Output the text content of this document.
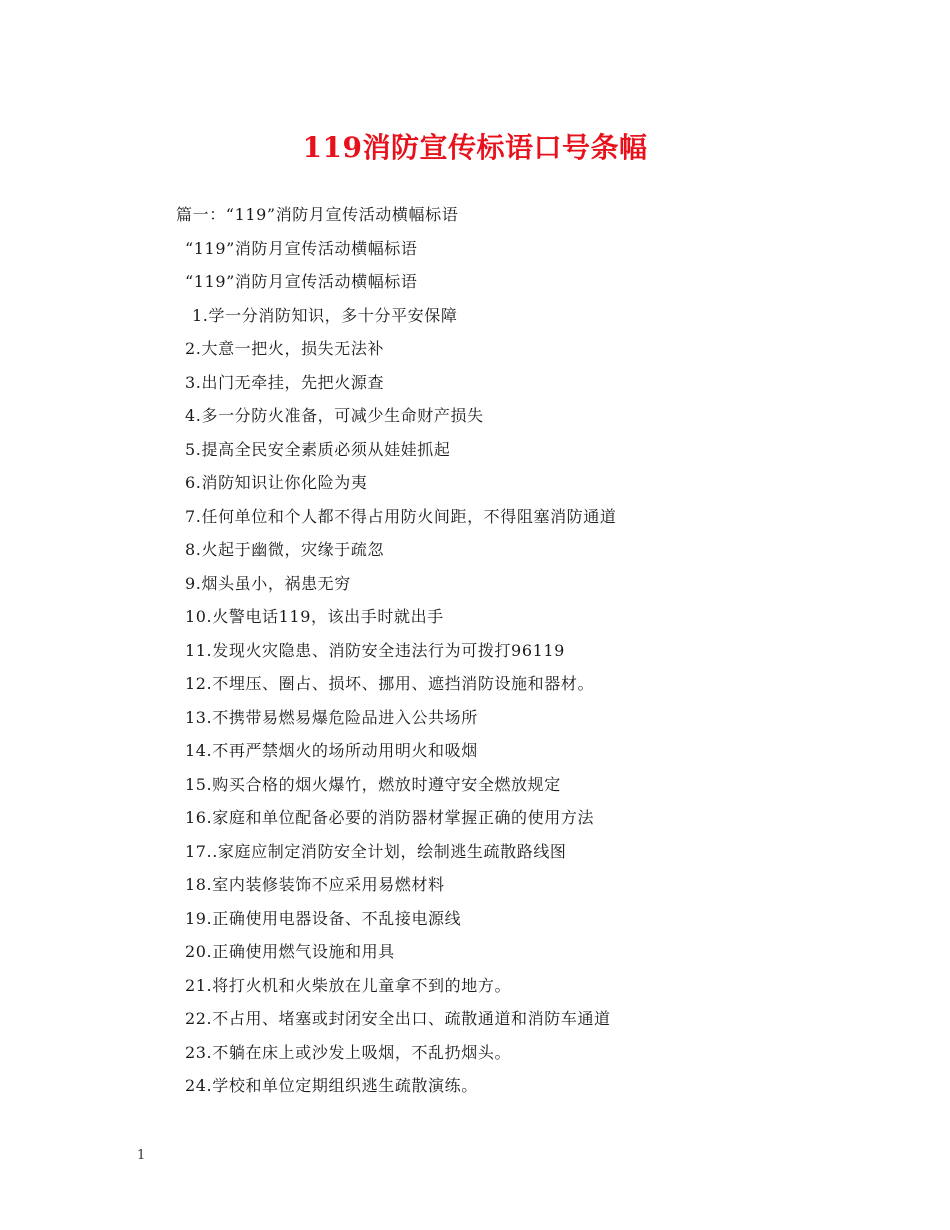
119消防宣传标语口号条幅
篇一：“119”消防月宣传活动横幅标语
“119”消防月宣传活动横幅标语
“119”消防月宣传活动横幅标语
1.学一分消防知识，多十分平安保障
2.大意一把火，损失无法补
3.出门无牵挂，先把火源查
4.多一分防火准备，可减少生命财产损失
5.提高全民安全素质必须从娃娃抓起
6.消防知识让你化险为夷
7.任何单位和个人都不得占用防火间距，不得阻塞消防通道
8.火起于幽微，灾缘于疏忽
9.烟头虽小，祸患无穷
10.火警电话119，该出手时就出手
11.发现火灾隐患、消防安全违法行为可拨打96119
12.不埋压、圈占、损坏、挪用、遮挡消防设施和器材。
13.不携带易燃易爆危险品进入公共场所
14.不再严禁烟火的场所动用明火和吸烟
15.购买合格的烟火爆竹，燃放时遵守安全燃放规定
16.家庭和单位配备必要的消防器材掌握正确的使用方法
17..家庭应制定消防安全计划，绘制逃生疏散路线图
18.室内装修装饰不应采用易燃材料
19.正确使用电器设备、不乱接电源线
20.正确使用燃气设施和用具
21.将打火机和火柴放在儿童拿不到的地方。
22.不占用、堵塞或封闭安全出口、疏散通道和消防车通道
23.不躺在床上或沙发上吸烟，不乱扔烟头。
24.学校和单位定期组织逃生疏散演练。
1
